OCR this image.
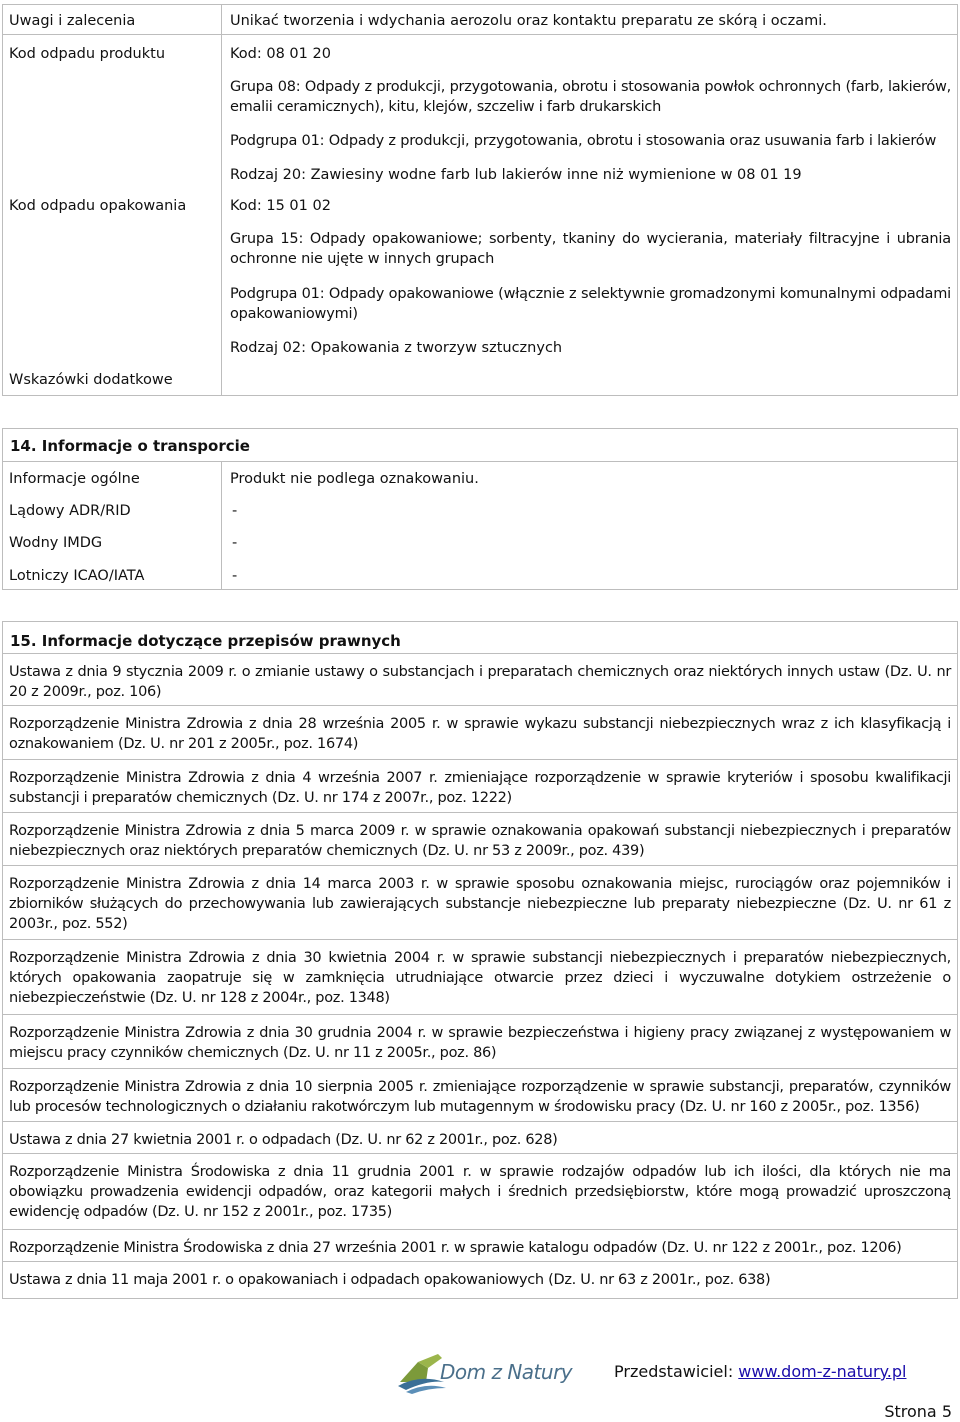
Uwagi i zalecenia	Unikać tworzenia i wdychania aerozolu oraz kontaktu preparatu ze skórą i oczami.
Kod odpadu produktu	Kod: 08 01 20
Grupa 08: Odpady z produkcji, przygotowania, obrotu i stosowania powłok ochronnych (farb, lakierów, emalii ceramicznych), kitu, klejów, szczeliw i farb drukarskich
Podgrupa 01: Odpady z produkcji, przygotowania, obrotu i stosowania oraz usuwania farb i lakierów
Rodzaj 20: Zawiesiny wodne farb lub lakierów inne niż wymienione w 08 01 19
Kod odpadu opakowania	Kod: 15 01 02
Grupa 15: Odpady opakowaniowe; sorbenty, tkaniny do wycierania, materiały filtracyjne i ubrania ochronne nie ujęte w innych grupach
Podgrupa 01: Odpady opakowaniowe (włącznie z selektywnie gromadzonymi komunalnymi odpadami opakowaniowymi)
Rodzaj 02: Opakowania z tworzyw sztucznych
Wskazówki dodatkowe
14. Informacje o transporcie
Informacje ogólne	Produkt nie podlega oznakowaniu.
Lądowy ADR/RID	-
Wodny IMDG	-
Lotniczy ICAO/IATA	-
15. Informacje dotyczące przepisów prawnych
Ustawa z dnia 9 stycznia 2009 r. o zmianie ustawy o substancjach i preparatach chemicznych oraz niektórych innych ustaw (Dz. U. nr 20 z 2009r., poz. 106)
Rozporządzenie Ministra Zdrowia z dnia 28 września 2005 r. w sprawie wykazu substancji niebezpiecznych wraz z ich klasyfikacją i oznakowaniem (Dz. U. nr 201 z 2005r., poz. 1674)
Rozporządzenie Ministra Zdrowia z dnia 4 września 2007 r. zmieniające rozporządzenie w sprawie kryteriów i sposobu kwalifikacji substancji i preparatów chemicznych (Dz. U. nr 174 z 2007r., poz. 1222)
Rozporządzenie Ministra Zdrowia z dnia 5 marca 2009 r. w sprawie oznakowania opakowań substancji niebezpiecznych i preparatów niebezpiecznych oraz niektórych preparatów chemicznych (Dz. U. nr 53 z 2009r., poz. 439)
Rozporządzenie Ministra Zdrowia z dnia 14 marca 2003 r. w sprawie sposobu oznakowania miejsc, rurociągów oraz pojemników i zbiorników służących do przechowywania lub zawierających substancje niebezpieczne lub preparaty niebezpieczne (Dz. U. nr 61 z 2003r., poz. 552)
Rozporządzenie Ministra Zdrowia z dnia 30 kwietnia 2004 r. w sprawie substancji niebezpiecznych i preparatów niebezpiecznych, których opakowania zaopatruje się w zamknięcia utrudniające otwarcie przez dzieci i wyczuwalne dotykiem ostrzeżenie o niebezpieczeństwie (Dz. U. nr 128 z 2004r., poz. 1348)
Rozporządzenie Ministra Zdrowia z dnia 30 grudnia 2004 r. w sprawie bezpieczeństwa i higieny pracy związanej z występowaniem w miejscu pracy czynników chemicznych (Dz. U. nr 11 z 2005r., poz. 86)
Rozporządzenie Ministra Zdrowia z dnia 10 sierpnia 2005 r. zmieniające rozporządzenie w sprawie substancji, preparatów, czynników lub procesów technologicznych o działaniu rakotwórczym lub mutagennym w środowisku pracy (Dz. U. nr 160 z 2005r., poz. 1356)
Ustawa z dnia 27 kwietnia 2001 r. o odpadach (Dz. U. nr 62 z 2001r., poz. 628)
Rozporządzenie Ministra Środowiska z dnia 11 grudnia 2001 r. w sprawie rodzajów odpadów lub ich ilości, dla których nie ma obowiązku prowadzenia ewidencji odpadów, oraz kategorii małych i średnich przedsiębiorstw, które mogą prowadzić uproszczoną ewidencję odpadów (Dz. U. nr 152 z 2001r., poz. 1735)
Rozporządzenie Ministra Środowiska z dnia 27 września 2001 r. w sprawie katalogu odpadów (Dz. U. nr 122 z 2001r., poz. 1206)
Ustawa z dnia 11 maja 2001 r. o opakowaniach i odpadach opakowaniowych (Dz. U. nr 63 z 2001r., poz. 638)
Dom z Natury	Przedstawiciel: www.dom-z-natury.pl
Strona 5
